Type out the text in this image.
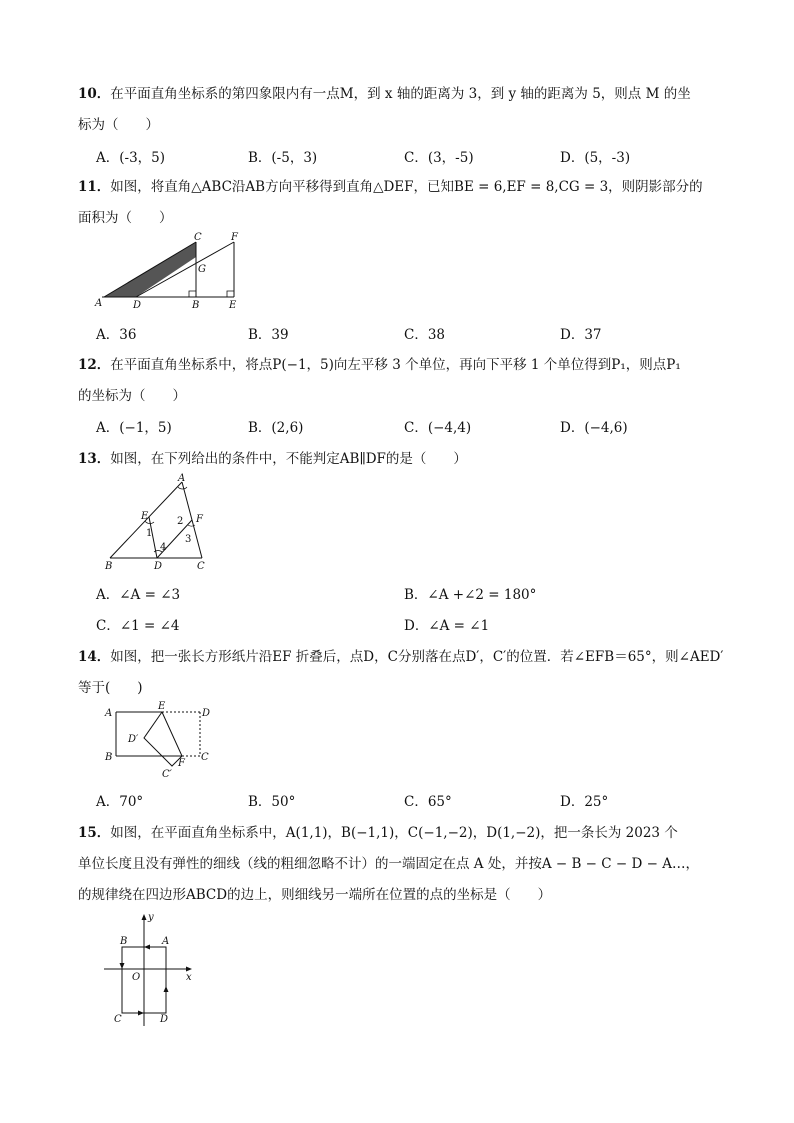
10．在平面直角坐标系的第四象限内有一点M，到 x 轴的距离为 3，到 y 轴的距离为 5，则点 M 的坐
标为（　　）
A．(-3，5)	B．(-5，3)	C．(3，-5)	D．(5，-3)
11．如图，将直角△ABC沿AB方向平移得到直角△DEF，已知BE = 6,EF = 8,CG = 3，则阴影部分的
面积为（　　）
C	F
G
A	D	B	E
A．36	B．39	C．38	D．37
12．在平面直角坐标系中，将点P(−1，5)向左平移 3 个单位，再向下平移 1 个单位得到P₁，则点P₁
的坐标为（　　）
A．(−1，5)	B．(2,6)	C．(−4,4)	D．(−4,6)
13．如图，在下列给出的条件中，不能判定AB∥DF的是（　　）
A
E	F
1
2
3
4
B	D	C
A．∠A = ∠3	B．∠A +∠2 = 180°
C．∠1 = ∠4	D．∠A = ∠1
14．如图，把一张长方形纸片沿EF 折叠后，点D，C分别落在点D′，C′的位置．若∠EFB＝65°，则∠AED′
等于(　　)
A
E
D
D′
B
F
C
C′
A．70°	B．50°	C．65°	D．25°
15．如图，在平面直角坐标系中，A(1,1)，B(−1,1)，C(−1,−2)，D(1,−2)，把一条长为 2023 个
单位长度且没有弹性的细线（线的粗细忽略不计）的一端固定在点 A 处，并按A − B − C − D − A…，
的规律绕在四边形ABCD的边上，则细线另一端所在位置的点的坐标是（　　）
y
B	A
O	x
C	D
